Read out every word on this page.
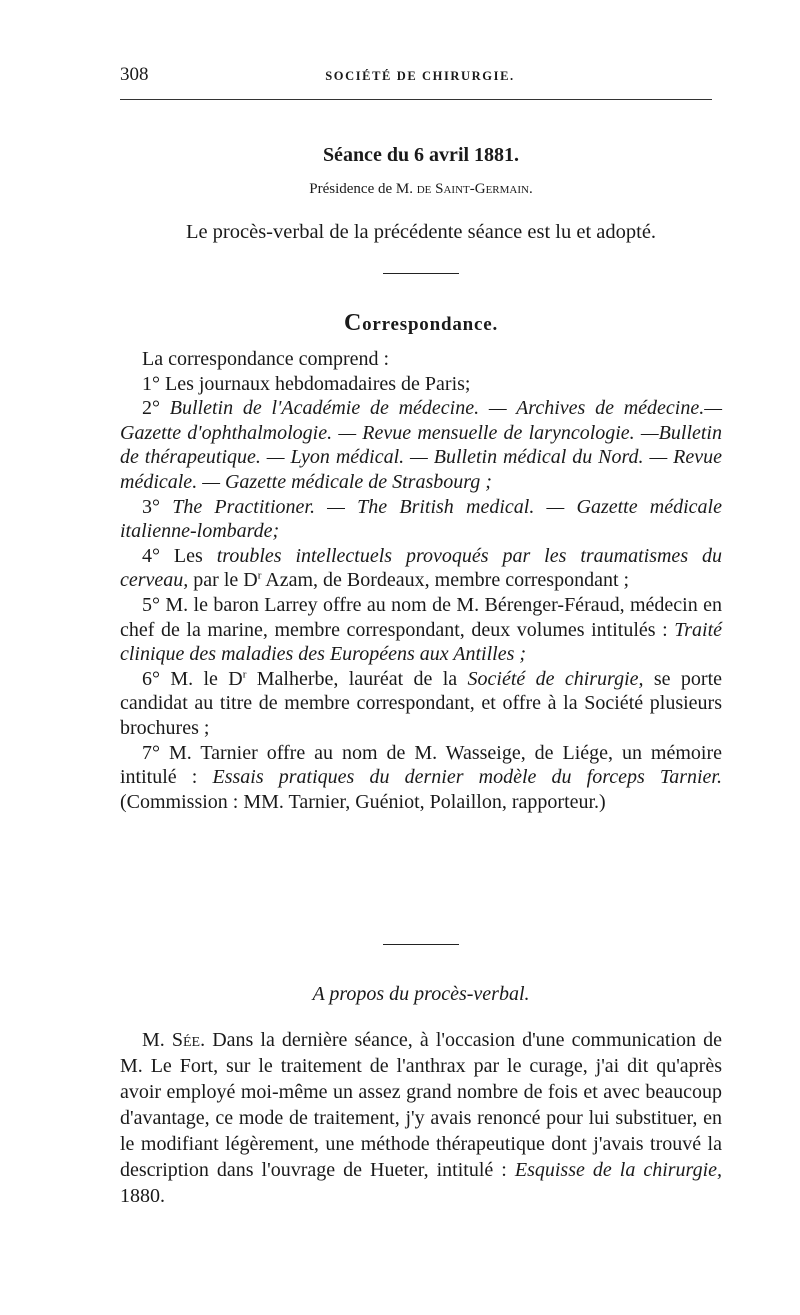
308	SOCIÉTÉ DE CHIRURGIE.
Séance du 6 avril 1881.
Présidence de M. de Saint-Germain.
Le procès-verbal de la précédente séance est lu et adopté.
Correspondance.

La correspondance comprend :

1° Les journaux hebdomadaires de Paris;

2° Bulletin de l'Académie de médecine. — Archives de médecine.— Gazette d'ophthalmologie. — Revue mensuelle de laryncologie. —Bulletin de thérapeutique. — Lyon médical. — Bulletin médical du Nord. — Revue médicale. — Gazette médicale de Strasbourg ;

3° The Practitioner. — The British medical. — Gazette médicale italienne-lombarde;

4° Les troubles intellectuels provoqués par les traumatismes du cerveau, par le $D^r$ Azam, de Bordeaux, membre correspondant ;

5° M. le baron Larrey offre au nom de M. Bérenger-Féraud, médecin en chef de la marine, membre correspondant, deux volumes intitulés : Traité clinique des maladies des Européens aux Antilles ;

6° M. le $D^r$ Malherbe, lauréat de la Société de chirurgie, se porte candidat au titre de membre correspondant, et offre à la Société plusieurs brochures ;

7° M. Tarnier offre au nom de M. Wasseige, de Liége, un mémoire intitulé : Essais pratiques du dernier modèle du forceps Tarnier. (Commission : MM. Tarnier, Guéniot, Polaillon, rapporteur.)

A propos du procès-verbal.

M. Sée. Dans la dernière séance, à l'occasion d'une communication de M. Le Fort, sur le traitement de l'anthrax par le curage, j'ai dit qu'après avoir employé moi-même un assez grand nombre de fois et avec beaucoup d'avantage, ce mode de traitement, j'y avais renoncé pour lui substituer, en le modifiant légèrement, une méthode thérapeutique dont j'avais trouvé la description dans l'ouvrage de Hueter, intitulé : Esquisse de la chirurgie, 1880.
